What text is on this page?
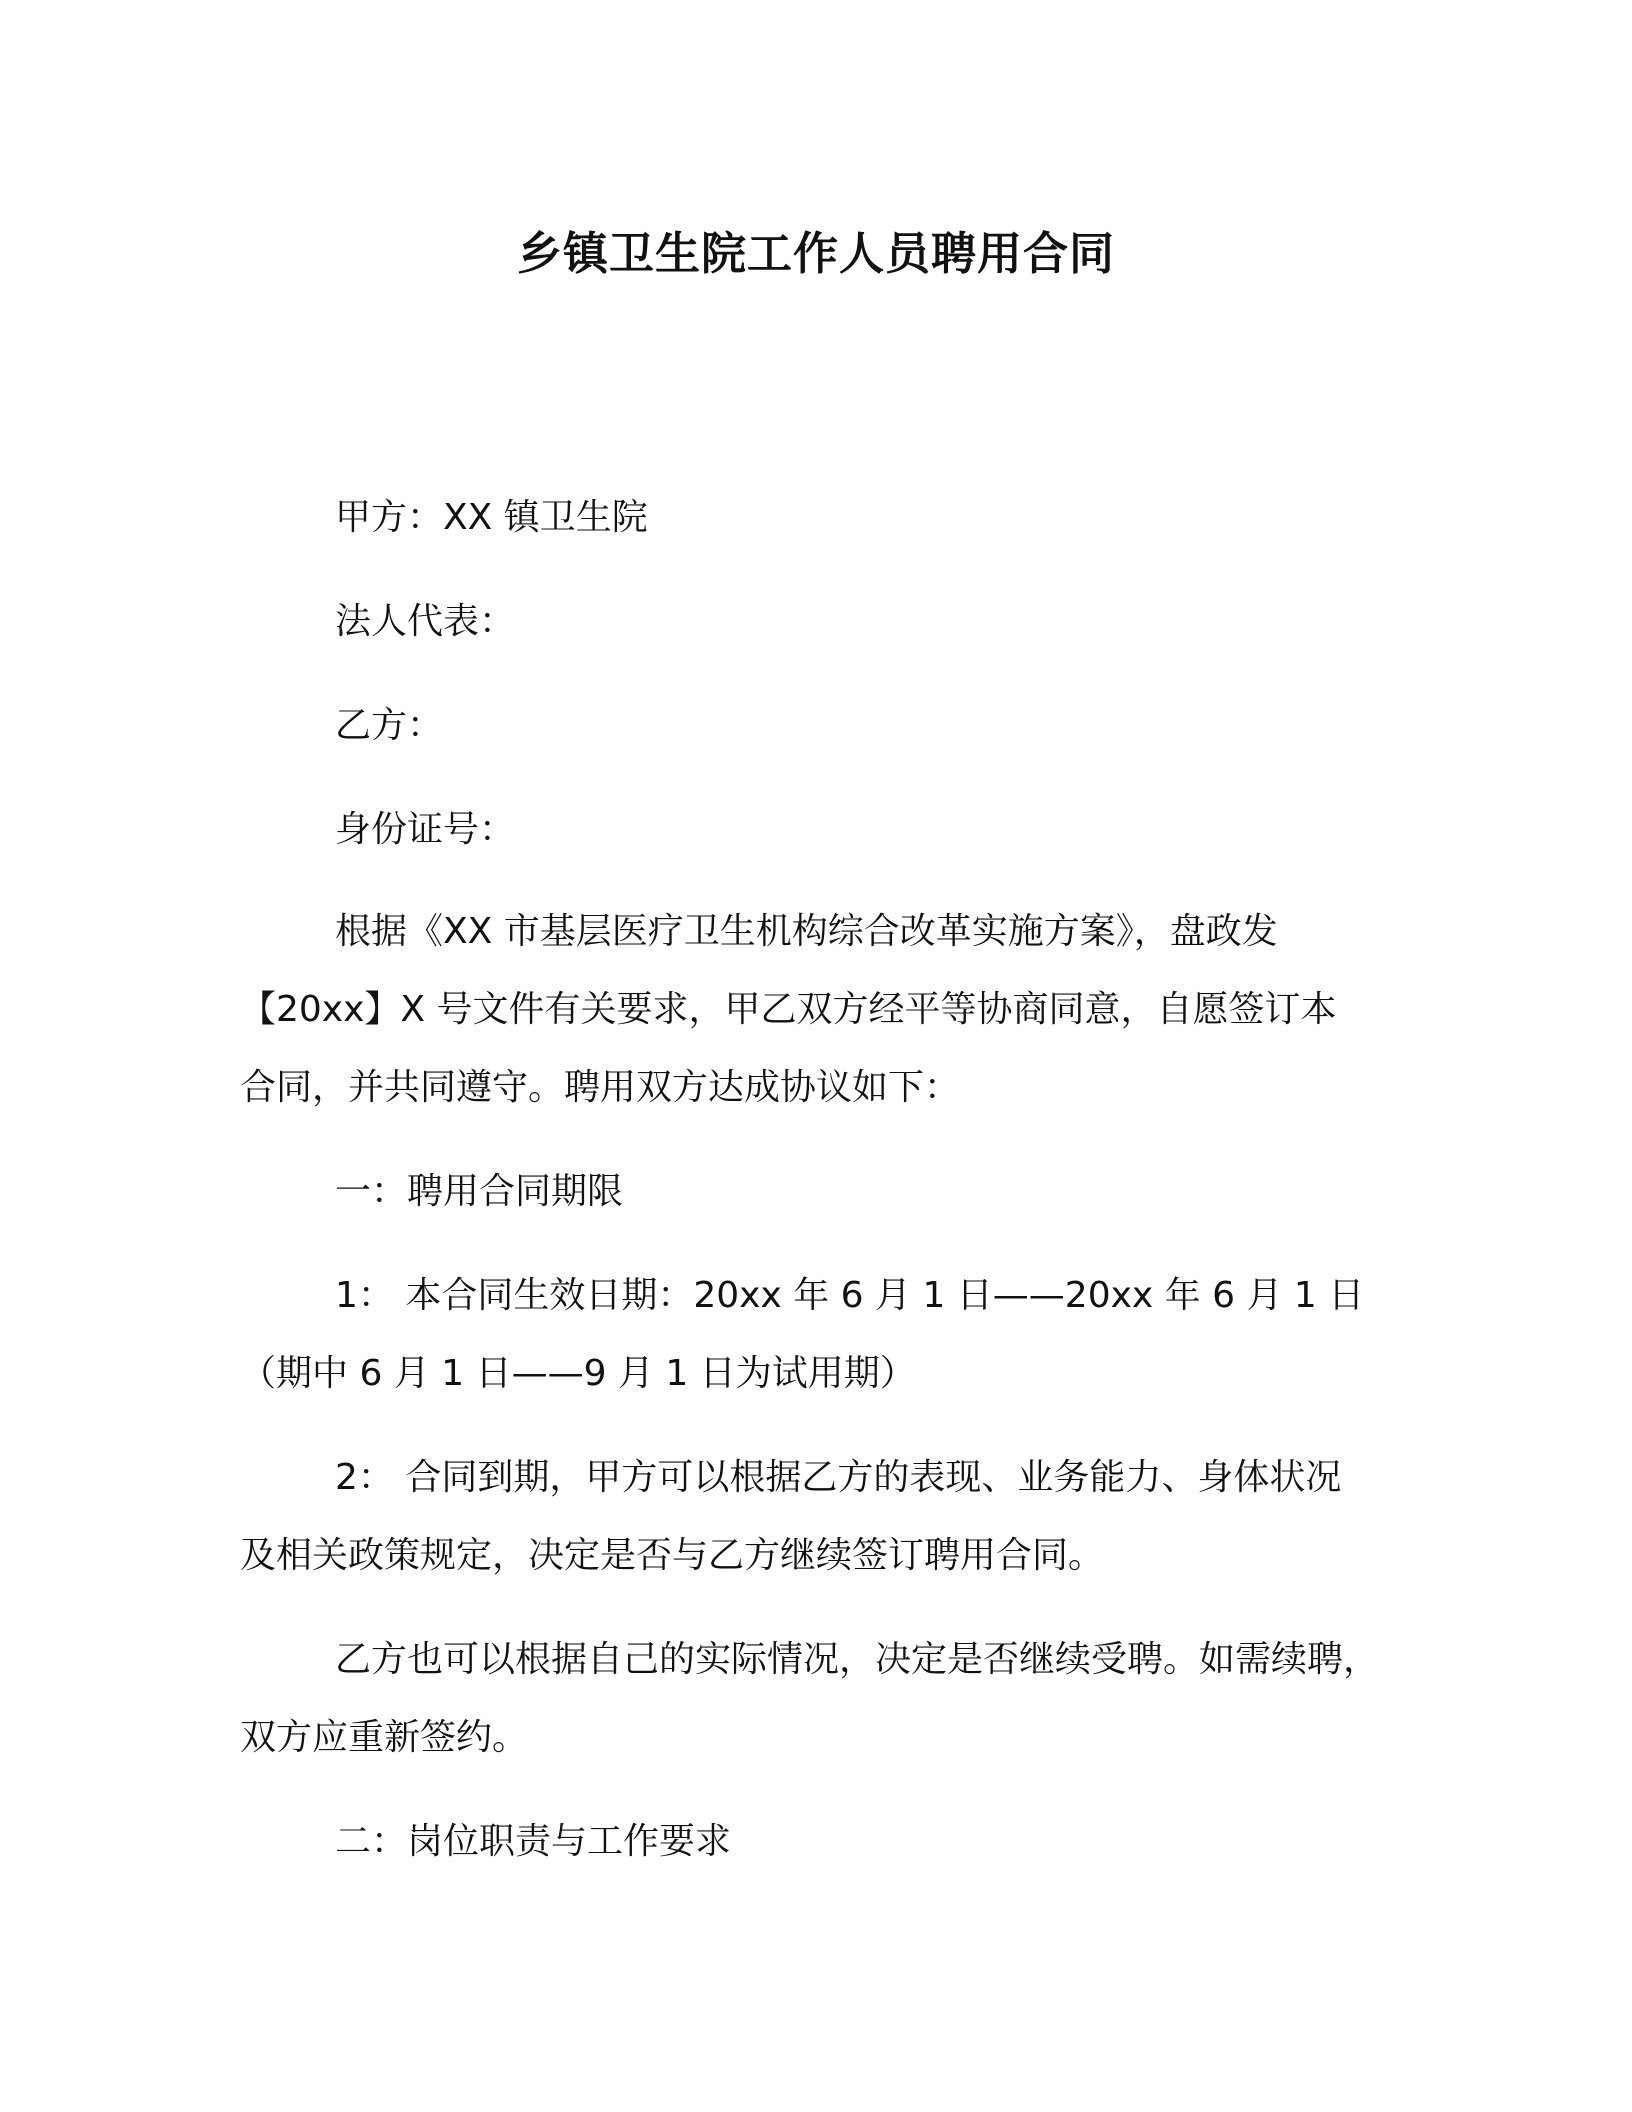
乡镇卫生院工作人员聘用合同
甲方：XX 镇卫生院
法人代表：
乙方：
身份证号：
根据《XX 市基层医疗卫生机构综合改革实施方案》，盘政发
【20xx】X 号文件有关要求，甲乙双方经平等协商同意，自愿签订本
合同，并共同遵守。聘用双方达成协议如下：
一：聘用合同期限
1： 本合同生效日期：20xx 年 6 月 1 日——20xx 年 6 月 1 日
（期中 6 月 1 日——9 月 1 日为试用期）
2： 合同到期，甲方可以根据乙方的表现、业务能力、身体状况
及相关政策规定，决定是否与乙方继续签订聘用合同。
乙方也可以根据自己的实际情况，决定是否继续受聘。如需续聘，
双方应重新签约。
二：岗位职责与工作要求
